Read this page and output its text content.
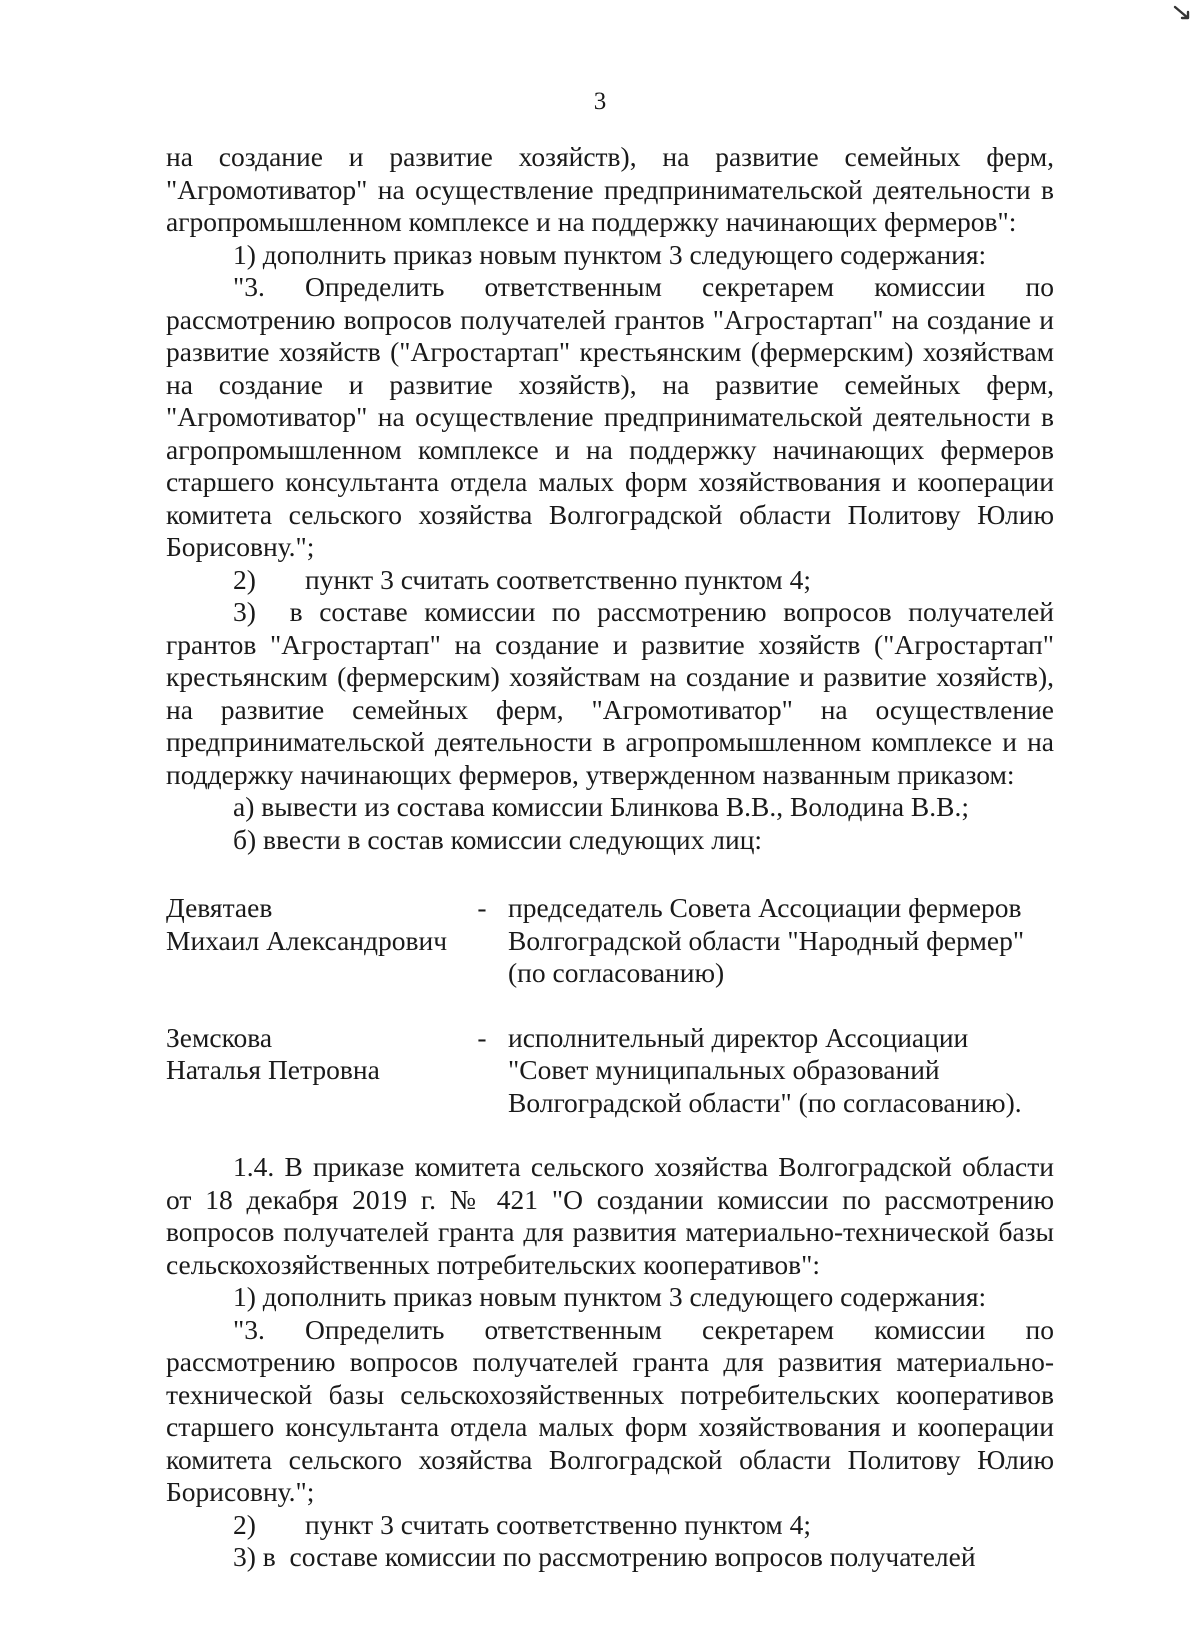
3

на создание и развитие хозяйств), на развитие семейных ферм, "Агромотиватор" на осуществление предпринимательской деятельности в агропромышленном комплексе и на поддержку начинающих фермеров":

1) дополнить приказ новым пунктом 3 следующего содержания:

"3. Определить ответственным секретарем комиссии по рассмотрению вопросов получателей грантов "Агростартап" на создание и развитие хозяйств ("Агростартап" крестьянским (фермерским) хозяйствам на создание и развитие хозяйств), на развитие семейных ферм, "Агромотиватор" на осуществление предпринимательской деятельности в агропромышленном комплексе и на поддержку начинающих фермеров старшего консультанта отдела малых форм хозяйствования и кооперации комитета сельского хозяйства Волгоградской области Политову Юлию Борисовну.";

2) пункт 3 считать соответственно пунктом 4;

3) в составе комиссии по рассмотрению вопросов получателей грантов "Агростартап" на создание и развитие хозяйств ("Агростартап" крестьянским (фермерским) хозяйствам на создание и развитие хозяйств), на развитие семейных ферм, "Агромотиватор" на осуществление предпринимательской деятельности в агропромышленном комплексе и на поддержку начинающих фермеров, утвержденном названным приказом:

а) вывести из состава комиссии Блинкова В.В., Володина В.В.;

б) ввести в состав комиссии следующих лиц:

Девятаев
Михаил Александрович
- председатель Совета Ассоциации фермеров Волгоградской области "Народный фермер" (по согласованию)
Земскова
Наталья Петровна
- исполнительный директор Ассоциации "Совет муниципальных образований Волгоградской области" (по согласованию).

1.4. В приказе комитета сельского хозяйства Волгоградской области от 18 декабря 2019 г. № 421 "О создании комиссии по рассмотрению вопросов получателей гранта для развития материально-технической базы сельскохозяйственных потребительских кооперативов":

1) дополнить приказ новым пунктом 3 следующего содержания:

"3. Определить ответственным секретарем комиссии по рассмотрению вопросов получателей гранта для развития материально-технической базы сельскохозяйственных потребительских кооперативов старшего консультанта отдела малых форм хозяйствования и кооперации комитета сельского хозяйства Волгоградской области Политову Юлию Борисовну.";

2) пункт 3 считать соответственно пунктом 4;

3) в составе комиссии по рассмотрению вопросов получателей
